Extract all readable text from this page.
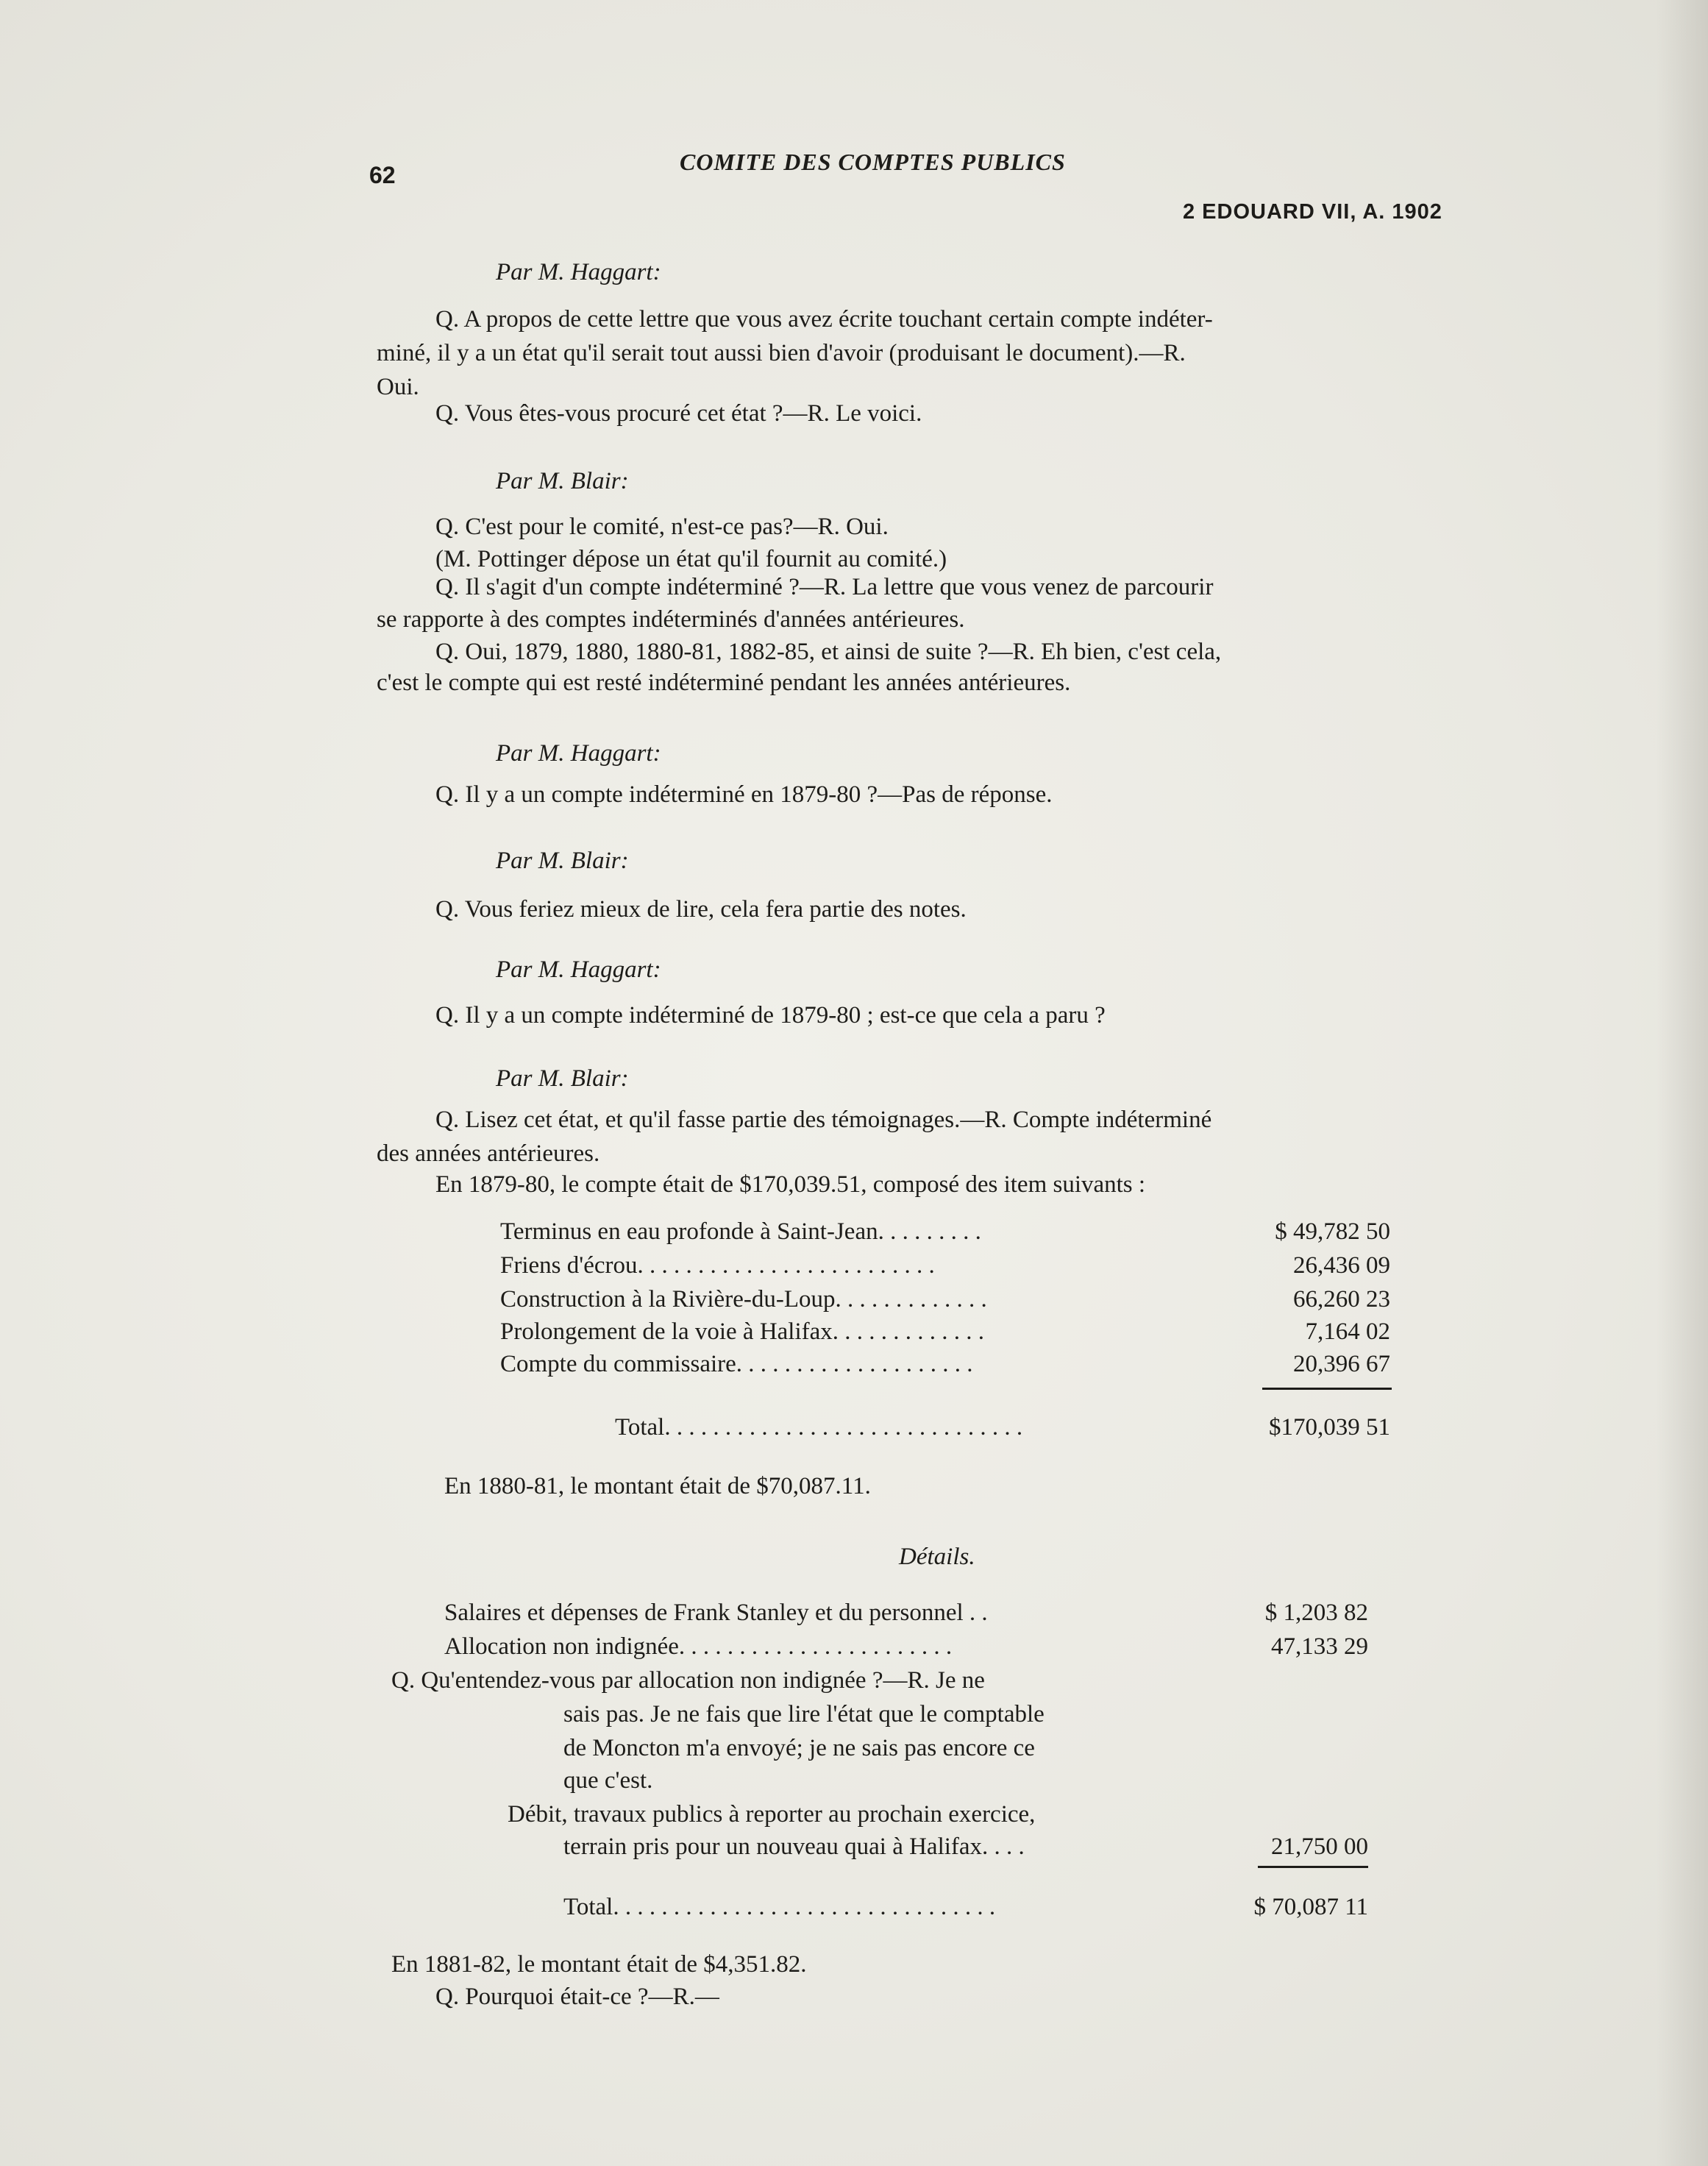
62	COMITE DES COMPTES PUBLICS
2 EDOUARD VII, A. 1902
Par M. Haggart:
Q. A propos de cette lettre que vous avez écrite touchant certain compte indéter-
miné, il y a un état qu'il serait tout aussi bien d'avoir (produisant le document).—R.
Oui.
Q. Vous êtes-vous procuré cet état ?—R. Le voici.
Par M. Blair:
Q. C'est pour le comité, n'est-ce pas?—R. Oui.
(M. Pottinger dépose un état qu'il fournit au comité.)
Q. Il s'agit d'un compte indéterminé ?—R. La lettre que vous venez de parcourir
se rapporte à des comptes indéterminés d'années antérieures.
Q. Oui, 1879, 1880, 1880-81, 1882-85, et ainsi de suite ?—R. Eh bien, c'est cela,
c'est le compte qui est resté indéterminé pendant les années antérieures.
Par M. Haggart:
Q. Il y a un compte indéterminé en 1879-80 ?—Pas de réponse.
Par M. Blair:
Q. Vous feriez mieux de lire, cela fera partie des notes.
Par M. Haggart:
Q. Il y a un compte indéterminé de 1879-80 ; est-ce que cela a paru ?
Par M. Blair:
Q. Lisez cet état, et qu'il fasse partie des témoignages.—R. Compte indéterminé
des années antérieures.
En 1879-80, le compte était de $170,039.51, composé des item suivants :
Terminus en eau profonde à Saint-Jean. . . . . . . . .	$ 49,782 50
Friens d'écrou. . . . . . . . . . . . . . . . . . . . . . . . .	26,436 09
Construction à la Rivière-du-Loup. . . . . . . . . . . . .	66,260 23
Prolongement de la voie à Halifax. . . . . . . . . . . . .	7,164 02
Compte du commissaire. . . . . . . . . . . . . . . . . . . .	20,396 67
Total. . . . . . . . . . . . . . . . . . . . . . . . . . . . . .	$170,039 51
En 1880-81, le montant était de $70,087.11.
Détails.
Salaires et dépenses de Frank Stanley et du personnel . .	$ 1,203 82
Allocation non indignée. . . . . . . . . . . . . . . . . . . . . . .	47,133 29
Q. Qu'entendez-vous par allocation non indignée ?—R. Je ne
sais pas. Je ne fais que lire l'état que le comptable
de Moncton m'a envoyé; je ne sais pas encore ce
que c'est.
Débit, travaux publics à reporter au prochain exercice,
terrain pris pour un nouveau quai à Halifax. . . .	21,750 00
Total. . . . . . . . . . . . . . . . . . . . . . . . . . . . . . . .	$ 70,087 11
En 1881-82, le montant était de $4,351.82.
Q. Pourquoi était-ce ?—R.—
